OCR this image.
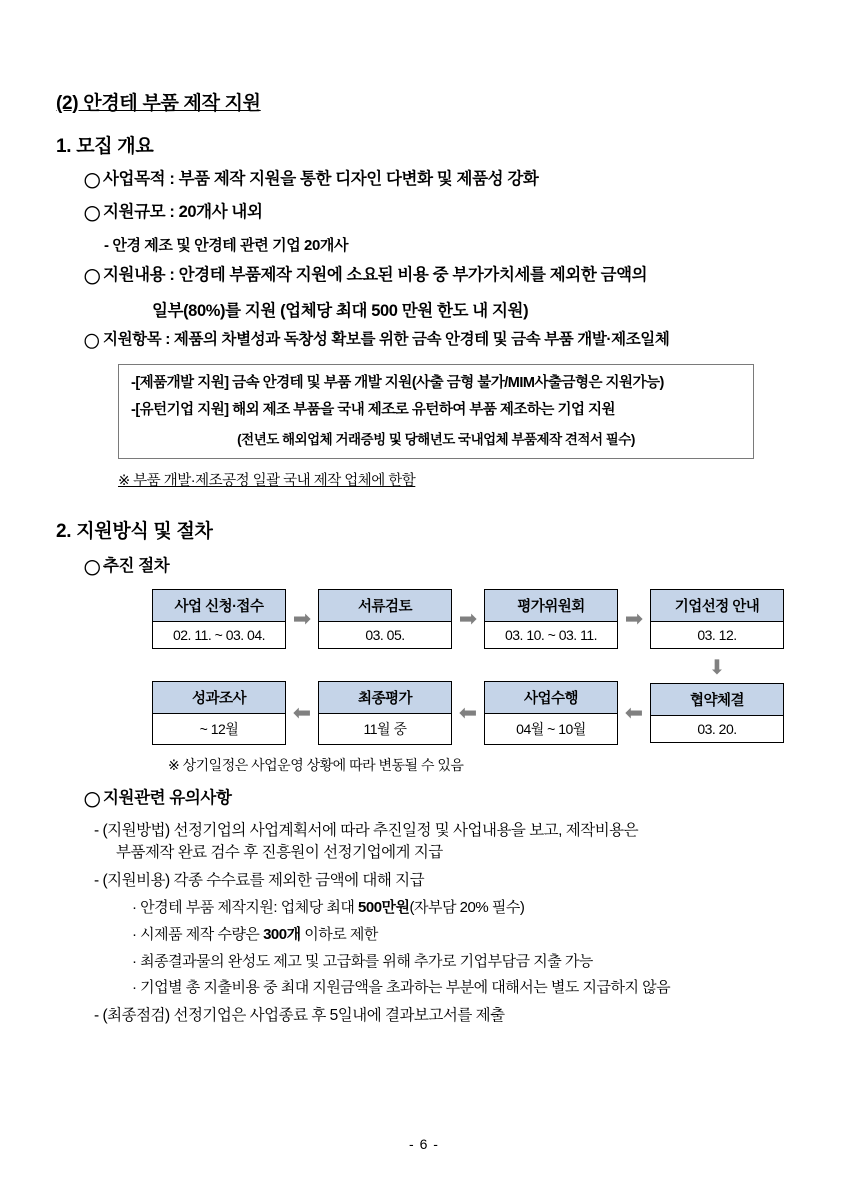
(2) 안경테 부품 제작 지원
1. 모집 개요
〇 사업목적 : 부품 제작 지원을 통한 디자인 다변화 및 제품성 강화
〇 지원규모 : 20개사 내외
- 안경 제조 및 안경테 관련 기업 20개사
〇 지원내용 : 안경테 부품제작 지원에 소요된 비용 중 부가가치세를 제외한 금액의
일부(80%)를 지원 (업체당 최대 500 만원 한도 내 지원)
〇 지원항목 : 제품의 차별성과 독창성 확보를 위한 금속 안경테 및 금속 부품 개발·제조일체
-[제품개발 지원] 금속 안경테 및 부품 개발 지원(사출 금형 불가/MIM사출금형은 지원가능)
-[유턴기업 지원] 해외 제조 부품을 국내 제조로 유턴하여 부품 제조하는 기업 지원
(전년도 해외업체 거래증빙 및 당해년도 국내업체 부품제작 견적서 필수)
※ 부품 개발·제조공정 일괄 국내 제작 업체에 한함
2. 지원방식 및 절차
〇 추진 절차
사업 신청·접수
02. 11. ~ 03. 04.
➡	서류검토
03. 05.
➡	평가위원회
03. 10. ~ 03. 11.
➡	기업선정 안내
03. 12.
⬇
성과조사
~ 12월
⬅
최종평가
11월 중
⬅
사업수행
04월 ~ 10월
⬅	협약체결
03. 20.
※ 상기일정은 사업운영 상황에 따라 변동될 수 있음
〇 지원관련 유의사항
- (지원방법) 선정기업의 사업계획서에 따라 추진일정 및 사업내용을 보고, 제작비용은
부품제작 완료 검수 후 진흥원이 선정기업에게 지급
- (지원비용) 각종 수수료를 제외한 금액에 대해 지급
· 안경테 부품 제작지원: 업체당 최대 500만원(자부담 20% 필수)
· 시제품 제작 수량은 300개 이하로 제한
· 최종결과물의 완성도 제고 및 고급화를 위해 추가로 기업부담금 지출 가능
· 기업별 총 지출비용 중 최대 지원금액을 초과하는 부분에 대해서는 별도 지급하지 않음
- (최종점검) 선정기업은 사업종료 후 5일내에 결과보고서를 제출
- 6 -
